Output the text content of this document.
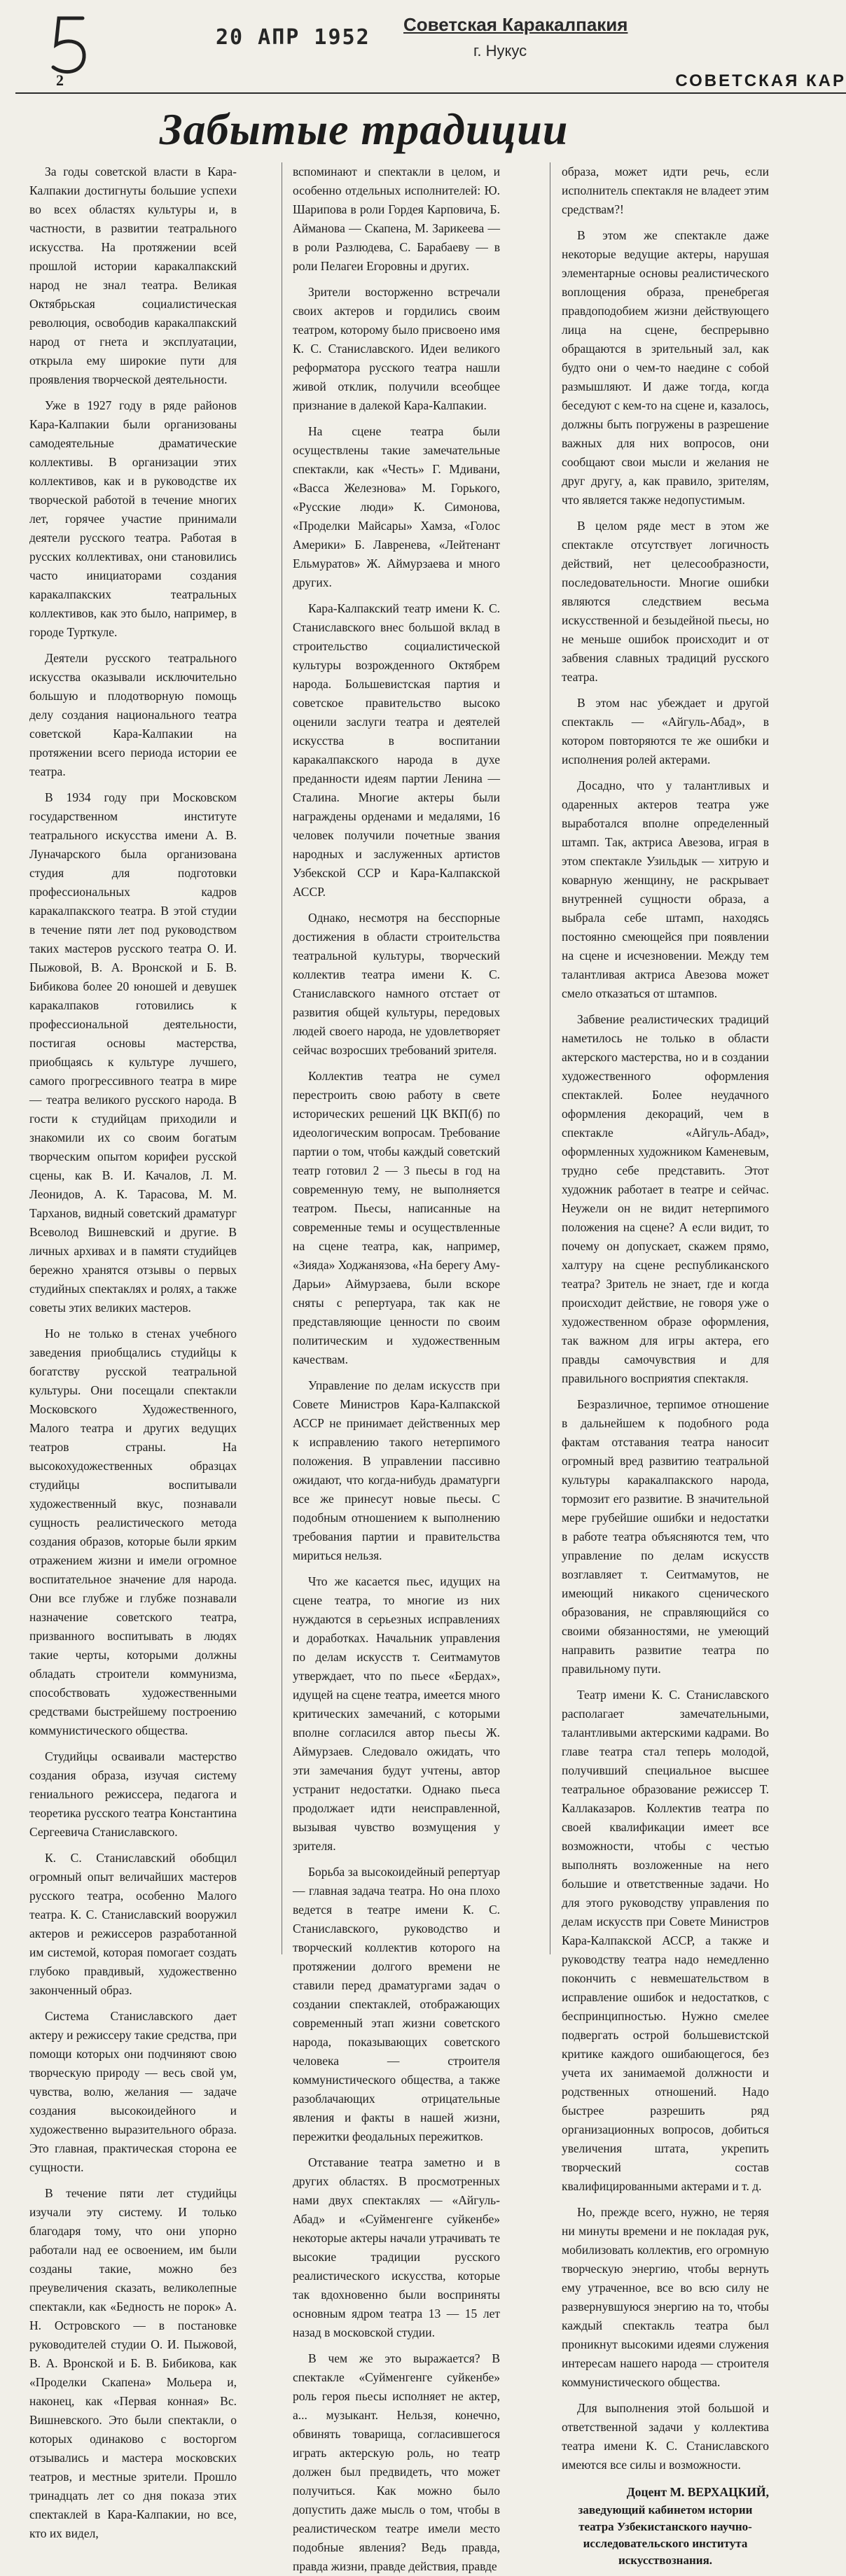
20 АПР 1952
Советская Каракалпакия
г. Нукус
2	СОВЕТСКАЯ КАР
Забытые традиции

За годы советской власти в Кара-Калпакии достигнуты большие успехи во всех областях культуры и, в частности, в развитии театрального искусства. На протяжении всей прошлой истории каракалпакский народ не знал театра. Великая Октябрьская социалистическая революция, освободив каракалпакский народ от гнета и эксплуатации, открыла ему широкие пути для проявления творческой деятельности.

Уже в 1927 году в ряде районов Кара-Калпакии были организованы самодеятельные драматические коллективы. В организации этих коллективов, как и в руководстве их творческой работой в течение многих лет, горячее участие принимали деятели русского театра. Работая в русских коллективах, они становились часто инициаторами создания каракалпакских театральных коллективов, как это было, например, в городе Турткуле.

Деятели русского театрального искусства оказывали исключительно большую и плодотворную помощь делу создания национального театра советской Кара-Калпакии на протяжении всего периода истории ее театра.

В 1934 году при Московском государственном институте театрального искусства имени А. В. Луначарского была организована студия для подготовки профессиональных кадров каракалпакского театра. В этой студии в течение пяти лет под руководством таких мастеров русского театра О. И. Пыжовой, В. А. Вронской и Б. В. Бибикова более 20 юношей и девушек каракалпаков готовились к профессиональной деятельности, постигая основы мастерства, приобщаясь к культуре лучшего, самого прогрессивного театра в мире — театра великого русского народа. В гости к студийцам приходили и знакомили их со своим богатым творческим опытом корифеи русской сцены, как В. И. Качалов, Л. М. Леонидов, А. К. Тарасова, М. М. Тарханов, видный советский драматург Всеволод Вишневский и другие. В личных архивах и в памяти студийцев бережно хранятся отзывы о первых студийных спектаклях и ролях, а также советы этих великих мастеров.

Но не только в стенах учебного заведения приобщались студийцы к богатству русской театральной культуры. Они посещали спектакли Московского Художественного, Малого театра и других ведущих театров страны. На высокохудожественных образцах студийцы воспитывали художественный вкус, познавали сущность реалистического метода создания образов, которые были ярким отражением жизни и имели огромное воспитательное значение для народа. Они все глубже и глубже познавали назначение советского театра, призванного воспитывать в людях такие черты, которыми должны обладать строители коммунизма, способствовать художественными средствами быстрейшему построению коммунистического общества.

Студийцы осваивали мастерство создания образа, изучая систему гениального режиссера, педагога и теоретика русского театра Константина Сергеевича Станиславского.

К. С. Станиславский обобщил огромный опыт величайших мастеров русского театра, особенно Малого театра. К. С. Станиславский вооружил актеров и режиссеров разработанной им системой, которая помогает создать глубоко правдивый, художественно законченный образ.

Система Станиславского дает актеру и режиссеру такие средства, при помощи которых они подчиняют свою творческую природу — весь свой ум, чувства, волю, желания — задаче создания высокоидейного и художественно выразительного образа. Это главная, практическая сторона ее сущности.

В течение пяти лет студийцы изучали эту систему. И только благодаря тому, что они упорно работали над ее освоением, им были созданы такие, можно без преувеличения сказать, великолепные спектакли, как «Бедность не порок» А. Н. Островского — в постановке руководителей студии О. И. Пыжовой, В. А. Вронской и Б. В. Бибикова, как «Проделки Скапена» Мольера и, наконец, как «Первая конная» Вс. Вишневского. Это были спектакли, о которых одинаково с восторгом отзывались и мастера московских театров, и местные зрители. Прошло тринадцать лет со дня показа этих спектаклей в Кара-Калпакии, но все, кто их видел,

вспоминают и спектакли в целом, и особенно отдельных исполнителей: Ю. Шарипова в роли Гордея Карповича, Б. Аймановa — Скапена, М. Зарикеева — в роли Разлюдева, С. Барабаеву — в роли Пелагеи Егоровны и других.

Зрители восторженно встречали своих актеров и гордились своим театром, которому было присвоено имя К. С. Станиславского. Идеи великого реформатора русского театра нашли живой отклик, получили всеобщее признание в далекой Кара-Калпакии.

На сцене театра были осуществлены такие замечательные спектакли, как «Честь» Г. Мдивани, «Васса Железнова» М. Горького, «Русские люди» К. Симонова, «Проделки Майсары» Хамза, «Голос Америки» Б. Лавренева, «Лейтенант Ельмуратов» Ж. Аймурзаева и много других.

Кара-Калпакский театр имени К. С. Станиславского внес большой вклад в строительство социалистической культуры возрожденного Октябрем народа. Большевистская партия и советское правительство высоко оценили заслуги театра и деятелей искусства в воспитании каракалпакского народа в духе преданности идеям партии Ленина — Сталина. Многие актеры были награждены орденами и медалями, 16 человек получили почетные звания народных и заслуженных артистов Узбекской ССР и Кара-Калпакской АССР.

Однако, несмотря на бесспорные достижения в области строительства театральной культуры, творческий коллектив театра имени К. С. Станиславского намного отстает от развития общей культуры, передовых людей своего народа, не удовлетворяет сейчас возросших требований зрителя.

Коллектив театра не сумел перестроить свою работу в свете исторических решений ЦК ВКП(б) по идеологическим вопросам. Требование партии о том, чтобы каждый советский театр готовил 2 — 3 пьесы в год на современную тему, не выполняется театром. Пьесы, написанные на современные темы и осуществленные на сцене театра, как, например, «Зияда» Ходжанязова, «На берегу Аму-Дарьи» Аймурзаева, были вскоре сняты с репертуара, так как не представляющие ценности по своим политическим и художественным качествам.

Управление по делам искусств при Совете Министров Кара-Калпакской АССР не принимает действенных мер к исправлению такого нетерпимого положения. В управлении пассивно ожидают, что когда-нибудь драматурги все же принесут новые пьесы. С подобным отношением к выполнению требования партии и правительства мириться нельзя.

Что же касается пьес, идущих на сцене театра, то многие из них нуждаются в серьезных исправлениях и доработках. Начальник управления по делам искусств т. Сеитмамутов утверждает, что по пьесе «Бердах», идущей на сцене театра, имеется много критических замечаний, с которыми вполне согласился автор пьесы Ж. Аймурзаев. Следовало ожидать, что эти замечания будут учтены, автор устранит недостатки. Однако пьеса продолжает идти неисправленной, вызывая чувство возмущения у зрителя.

Борьба за высокоидейный репертуар — главная задача театра. Но она плохо ведется в театре имени К. С. Станиславского, руководство и творческий коллектив которого на протяжении долгого времени не ставили перед драматургами задач о создании спектаклей, отображающих современный этап жизни советского народа, показывающих советского человека — строителя коммунистического общества, а также разоблачающих отрицательные явления и факты в нашей жизни, пережитки феодальных пережитков.

Отставание театра заметно и в других областях. В просмотренных нами двух спектаклях — «Айгуль-Абад» и «Суйменгенге суйкенбе» некоторые актеры начали утрачивать те высокие традиции русского реалистического искусства, которые так вдохновенно были восприняты основным ядром театра 13 — 15 лет назад в московской студии.

В чем же это выражается? В спектакле «Суйменгенге суйкенбе» роль героя пьесы исполняет не актер, а... музыкант. Нельзя, конечно, обвинять товарища, согласившегося играть актерскую роль, но театр должен был предвидеть, что может получиться. Как можно было допустить даже мысль о том, чтобы в реалистическом театре имели место подобные явления? Ведь правда, правда жизни, правде действия, правде

образа, может идти речь, если исполнитель спектакля не владеет этим средствам?!

В этом же спектакле даже некоторые ведущие актеры, нарушая элементарные основы реалистического воплощения образа, пренебрегая правдоподобием жизни действующего лица на сцене, беспрерывно обращаются в зрительный зал, как будто они о чем-то наедине с собой размышляют. И даже тогда, когда беседуют с кем-то на сцене и, казалось, должны быть погружены в разрешение важных для них вопросов, они сообщают свои мысли и желания не друг другу, а, как правило, зрителям, что является также недопустимым.

В целом ряде мест в этом же спектакле отсутствует логичность действий, нет целесообразности, последовательности. Многие ошибки являются следствием весьма искусственной и безыдейной пьесы, но не меньше ошибок происходит и от забвения славных традиций русского театра.

В этом нас убеждает и другой спектакль — «Айгуль-Абад», в котором повторяются те же ошибки и исполнения ролей актерами.

Досадно, что у талантливых и одаренных актеров театра уже выработался вполне определенный штамп. Так, актриса Авезова, играя в этом спектакле Узильдык — хитрую и коварную женщину, не раскрывает внутренней сущности образа, а выбрала себе штамп, находясь постоянно смеющейся при появлении на сцене и исчезновении. Между тем талантливая актриса Авезова может смело отказаться от штампов.

Забвение реалистических традиций наметилось не только в области актерского мастерства, но и в создании художественного оформления спектаклей. Более неудачного оформления декораций, чем в спектакле «Айгуль-Абад», оформленных художником Каменевым, трудно себе представить. Этот художник работает в театре и сейчас. Неужели он не видит нетерпимого положения на сцене? А если видит, то почему он допускает, скажем прямо, халтуру на сцене республиканского театра? Зритель не знает, где и когда происходит действие, не говоря уже о художественном образе оформления, так важном для игры актера, его правды самочувствия и для правильного восприятия спектакля.

Безразличное, терпимое отношение в дальнейшем к подобного рода фактам отставания театра наносит огромный вред развитию театральной культуры каракалпакского народа, тормозит его развитие. В значительной мере грубейшие ошибки и недостатки в работе театра объясняются тем, что управление по делам искусств возглавляет т. Сеитмамутов, не имеющий никакого сценического образования, не справляющийся со своими обязанностями, не умеющий направить развитие театра по правильному пути.

Театр имени К. С. Станиславского располагает замечательными, талантливыми актерскими кадрами. Во главе театра стал теперь молодой, получивший специальное высшее театральное образование режиссер Т. Каллаказаров. Коллектив театра по своей квалификации имеет все возможности, чтобы с честью выполнять возложенные на него большие и ответственные задачи. Но для этого руководству управления по делам искусств при Совете Министров Кара-Калпакской АССР, а также и руководству театра надо немедленно покончить с невмешательством в исправление ошибок и недостатков, с беспринципностью. Нужно смелее подвергать острой большевистской критике каждого ошибающегося, без учета их занимаемой должности и родственных отношений. Надо быстрее разрешить ряд организационных вопросов, добиться увеличения штата, укрепить творческий состав квалифицированными актерами и т. д.

Но, прежде всего, нужно, не теряя ни минуты времени и не покладая рук, мобилизовать коллектив, его огромную творческую энергию, чтобы вернуть ему утраченное, все во всю силу не развернувшуюся энергию на то, чтобы каждый спектакль театра был проникнут высокими идеями служения интересам нашего народа — строителя коммунистического общества.

Для выполнения этой большой и ответственной задачи у коллектива театра имени К. С. Станиславского имеются все силы и возможности.

Доцент М. ВЕРХАЦКИЙ,
заведующий кабинетом истории театра Узбекистанского научно-исследовательского института искусствознания.
